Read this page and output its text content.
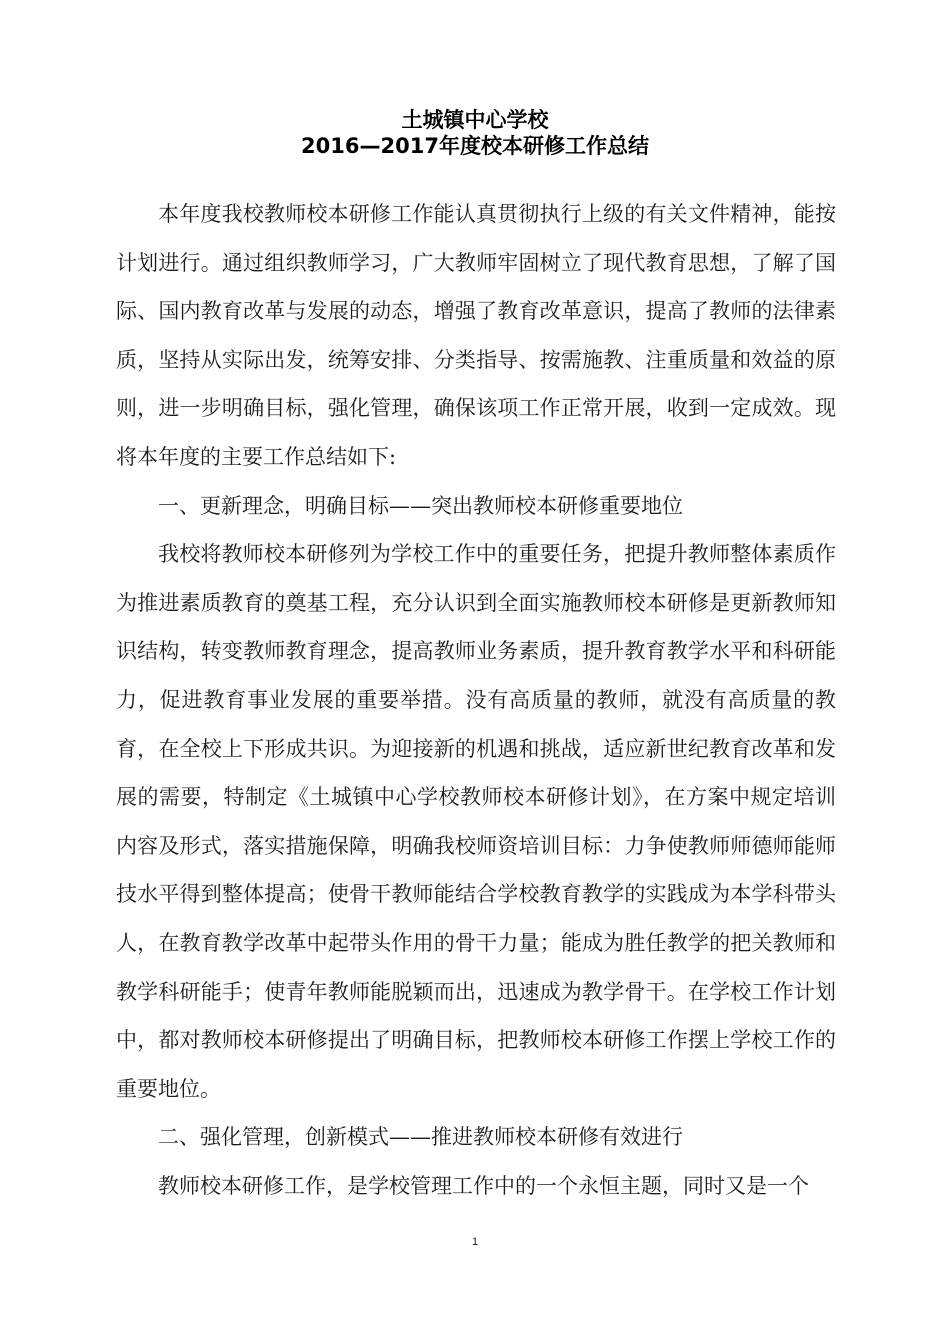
土城镇中心学校
2016—2017年度校本研修工作总结

本年度我校教师校本研修工作能认真贯彻执行上级的有关文件精神，能按计划进行。通过组织教师学习，广大教师牢固树立了现代教育思想，了解了国际、国内教育改革与发展的动态，增强了教育改革意识，提高了教师的法律素质，坚持从实际出发，统筹安排、分类指导、按需施教、注重质量和效益的原则，进一步明确目标，强化管理，确保该项工作正常开展，收到一定成效。现将本年度的主要工作总结如下:

一、更新理念，明确目标——突出教师校本研修重要地位

我校将教师校本研修列为学校工作中的重要任务，把提升教师整体素质作为推进素质教育的奠基工程，充分认识到全面实施教师校本研修是更新教师知识结构，转变教师教育理念，提高教师业务素质，提升教育教学水平和科研能力，促进教育事业发展的重要举措。没有高质量的教师，就没有高质量的教育，在全校上下形成共识。为迎接新的机遇和挑战，适应新世纪教育改革和发展的需要，特制定《土城镇中心学校教师校本研修计划》，在方案中规定培训内容及形式，落实措施保障，明确我校师资培训目标：力争使教师师德师能师技水平得到整体提高；使骨干教师能结合学校教育教学的实践成为本学科带头人，在教育教学改革中起带头作用的骨干力量；能成为胜任教学的把关教师和教学科研能手；使青年教师能脱颖而出，迅速成为教学骨干。在学校工作计划中，都对教师校本研修提出了明确目标，把教师校本研修工作摆上学校工作的重要地位。

二、强化管理，创新模式——推进教师校本研修有效进行

教师校本研修工作，是学校管理工作中的一个永恒主题，同时又是一个

1
